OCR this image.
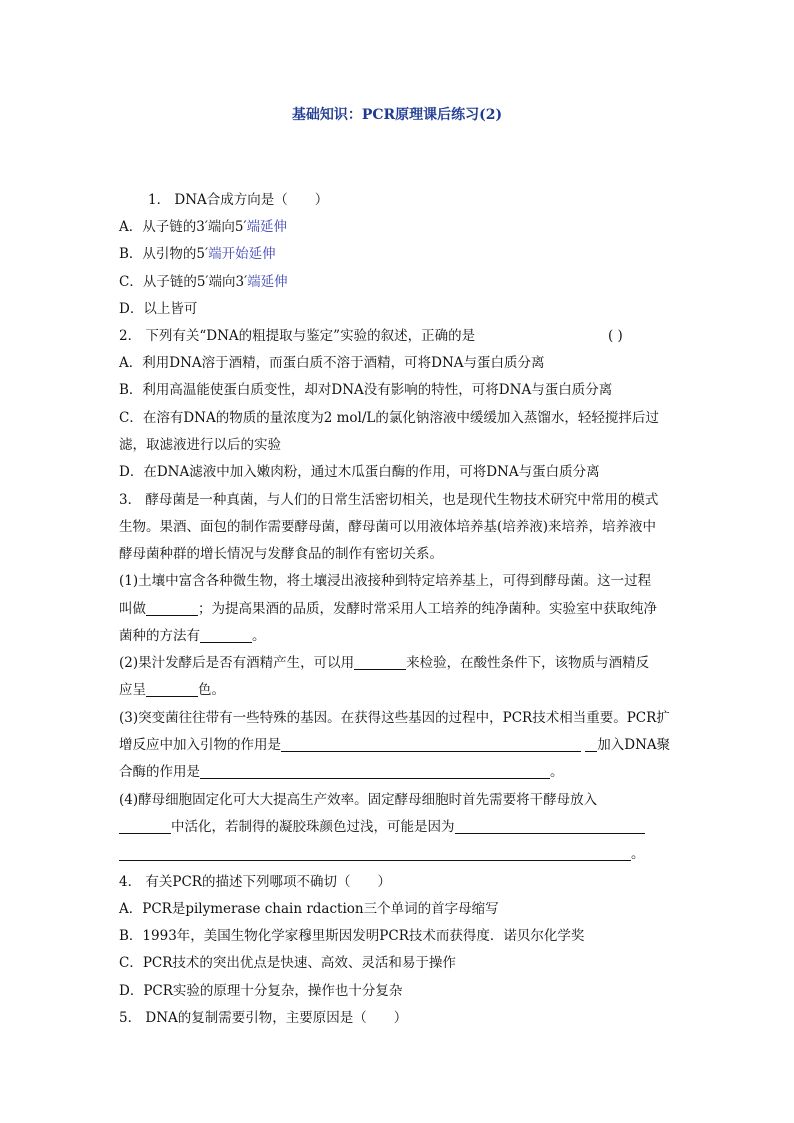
基础知识：PCR原理课后练习(2)
1． DNA合成方向是（　　）
A．从子链的3′端向5′端延伸
B．从引物的5′端开始延伸
C．从子链的5′端向3′端延伸
D．以上皆可
2． 下列有关“DNA的粗提取与鉴定”实验的叙述，正确的是	( )
A．利用DNA溶于酒精，而蛋白质不溶于酒精，可将DNA与蛋白质分离
B．利用高温能使蛋白质变性，却对DNA没有影响的特性，可将DNA与蛋白质分离
C．在溶有DNA的物质的量浓度为2 mol/L的氯化钠溶液中缓缓加入蒸馏水，轻轻搅拌后过
滤，取滤液进行以后的实验
D．在DNA滤液中加入嫩肉粉，通过木瓜蛋白酶的作用，可将DNA与蛋白质分离
3． 酵母菌是一种真菌，与人们的日常生活密切相关，也是现代生物技术研究中常用的模式
生物。果酒、面包的制作需要酵母菌，酵母菌可以用液体培养基(培养液)来培养，培养液中
酵母菌种群的增长情况与发酵食品的制作有密切关系。
(1)土壤中富含各种微生物，将土壤浸出液接种到特定培养基上，可得到酵母菌。这一过程
叫做	；为提高果酒的品质，发酵时常采用人工培养的纯净菌种。实验室中获取纯净
菌种的方法有	。
(2)果汁发酵后是否有酒精产生，可以用	来检验，在酸性条件下，该物质与酒精反
应呈	色。
(3)突变菌往往带有一些特殊的基因。在获得这些基因的过程中，PCR技术相当重要。PCR扩
增反应中加入引物的作用是	加入DNA聚
合酶的作用是	。
(4)酵母细胞固定化可大大提高生产效率。固定酵母细胞时首先需要将干酵母放入
中活化，若制得的凝胶珠颜色过浅，可能是因为
。
4． 有关PCR的描述下列哪项不确切（　　）
A．PCR是pilymerase chain rdaction三个单词的首字母缩写
B．1993年，美国生物化学家穆里斯因发明PCR技术而获得度．诺贝尔化学奖
C．PCR技术的突出优点是快速、高效、灵活和易于操作
D．PCR实验的原理十分复杂，操作也十分复杂
5． DNA的复制需要引物，主要原因是（　　）
